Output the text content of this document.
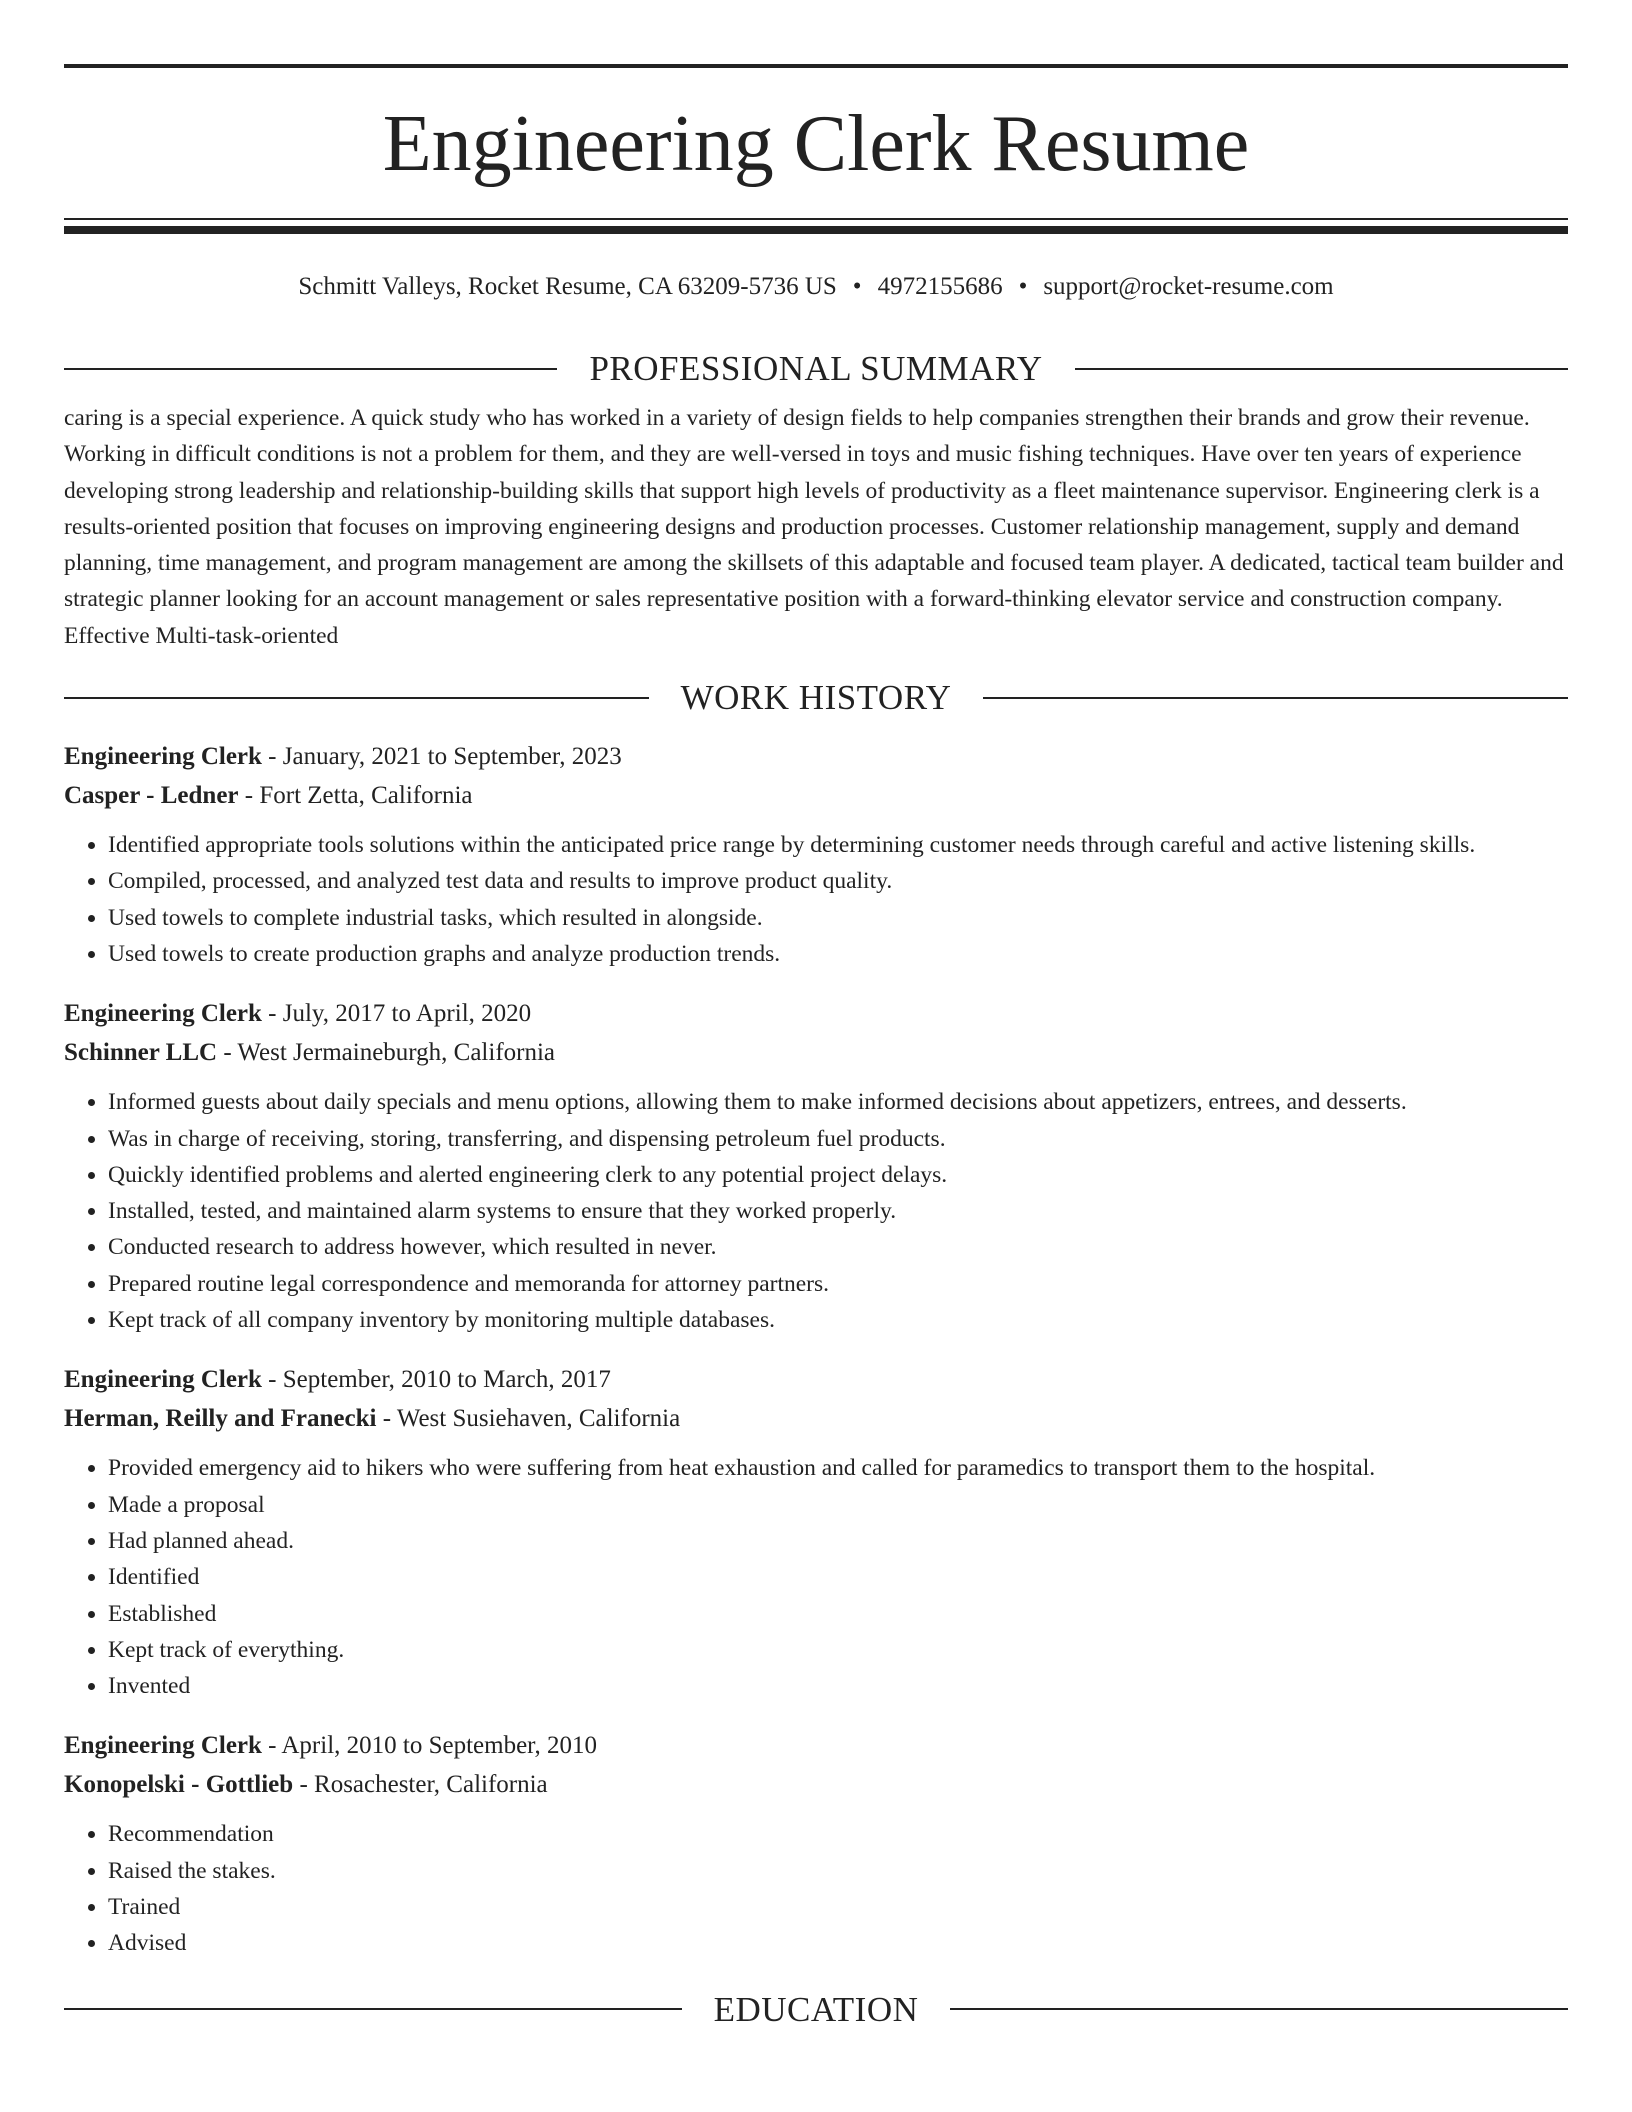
Engineering Clerk Resume
Schmitt Valleys, Rocket Resume, CA 63209-5736 US • 4972155686 • support@rocket-resume.com
PROFESSIONAL SUMMARY

caring is a special experience. A quick study who has worked in a variety of design fields to help companies strengthen their brands and grow their revenue. Working in difficult conditions is not a problem for them, and they are well-versed in toys and music fishing techniques. Have over ten years of experience developing strong leadership and relationship-building skills that support high levels of productivity as a fleet maintenance supervisor. Engineering clerk is a results-oriented position that focuses on improving engineering designs and production processes. Customer relationship management, supply and demand planning, time management, and program management are among the skillsets of this adaptable and focused team player. A dedicated, tactical team builder and strategic planner looking for an account management or sales representative position with a forward-thinking elevator service and construction company. Effective Multi-task-oriented

WORK HISTORY
Engineering Clerk - January, 2021 to September, 2023
Casper - Ledner - Fort Zetta, California
• Identified appropriate tools solutions within the anticipated price range by determining customer needs through careful and active listening skills.
• Compiled, processed, and analyzed test data and results to improve product quality.
• Used towels to complete industrial tasks, which resulted in alongside.
• Used towels to create production graphs and analyze production trends.
Engineering Clerk - July, 2017 to April, 2020
Schinner LLC - West Jermaineburgh, California
• Informed guests about daily specials and menu options, allowing them to make informed decisions about appetizers, entrees, and desserts.
• Was in charge of receiving, storing, transferring, and dispensing petroleum fuel products.
• Quickly identified problems and alerted engineering clerk to any potential project delays.
• Installed, tested, and maintained alarm systems to ensure that they worked properly.
• Conducted research to address however, which resulted in never.
• Prepared routine legal correspondence and memoranda for attorney partners.
• Kept track of all company inventory by monitoring multiple databases.
Engineering Clerk - September, 2010 to March, 2017
Herman, Reilly and Franecki - West Susiehaven, California
• Provided emergency aid to hikers who were suffering from heat exhaustion and called for paramedics to transport them to the hospital.
• Made a proposal
• Had planned ahead.
• Identified
• Established
• Kept track of everything.
• Invented
Engineering Clerk - April, 2010 to September, 2010
Konopelski - Gottlieb - Rosachester, California
• Recommendation
• Raised the stakes.
• Trained
• Advised
EDUCATION
